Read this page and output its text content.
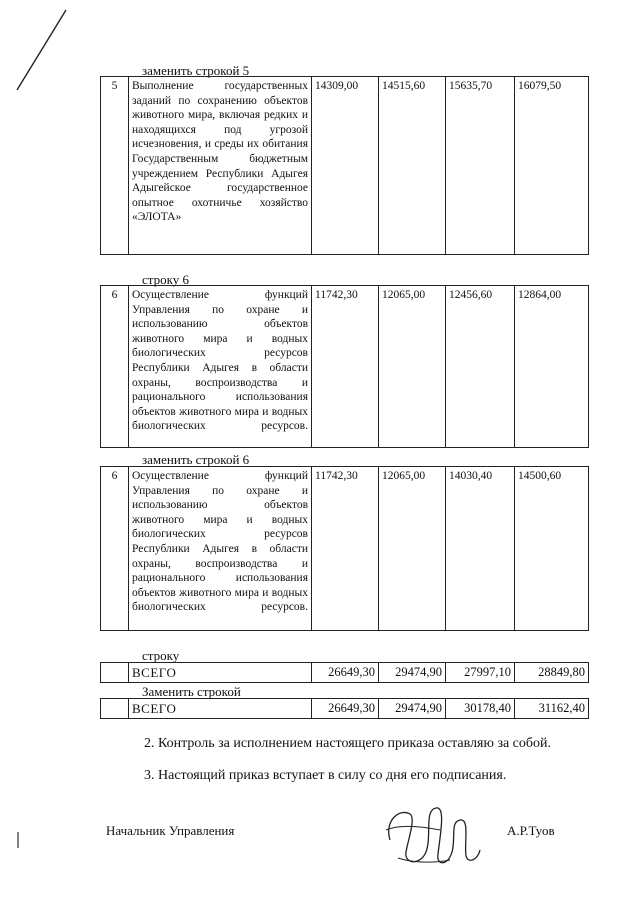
заменить строкой 5
5	Выполнение государственных заданий по сохранению объектов животного мира, включая редких и находящихся под угрозой исчезновения, и среды их обитания Государственным бюджетным учреждением Республики Адыгея Адыгейское государственное опытное охотничье хозяйство «ЭЛОТА»	14309,00	14515,60	15635,70	16079,50
строку 6
6	Осуществление функций Управления по охране и использованию объектов животного мира и водных биологических ресурсов Республики Адыгея в области охраны, воспроизводства и рационального использования объектов животного мира и водных биологических ресурсов.	11742,30	12065,00	12456,60	12864,00
заменить строкой 6
6	Осуществление функций Управления по охране и использованию объектов животного мира и водных биологических ресурсов Республики Адыгея в области охраны, воспроизводства и рационального использования объектов животного мира и водных биологических ресурсов.	11742,30	12065,00	14030,40	14500,60
строку
	ВСЕГО	26649,30	29474,90	27997,10	28849,80
Заменить строкой
	ВСЕГО	26649,30	29474,90	30178,40	31162,40
2. Контроль за исполнением настоящего приказа оставляю за собой.
3. Настоящий приказ вступает в силу со дня его подписания.
Начальник Управления	А.Р.Туов
